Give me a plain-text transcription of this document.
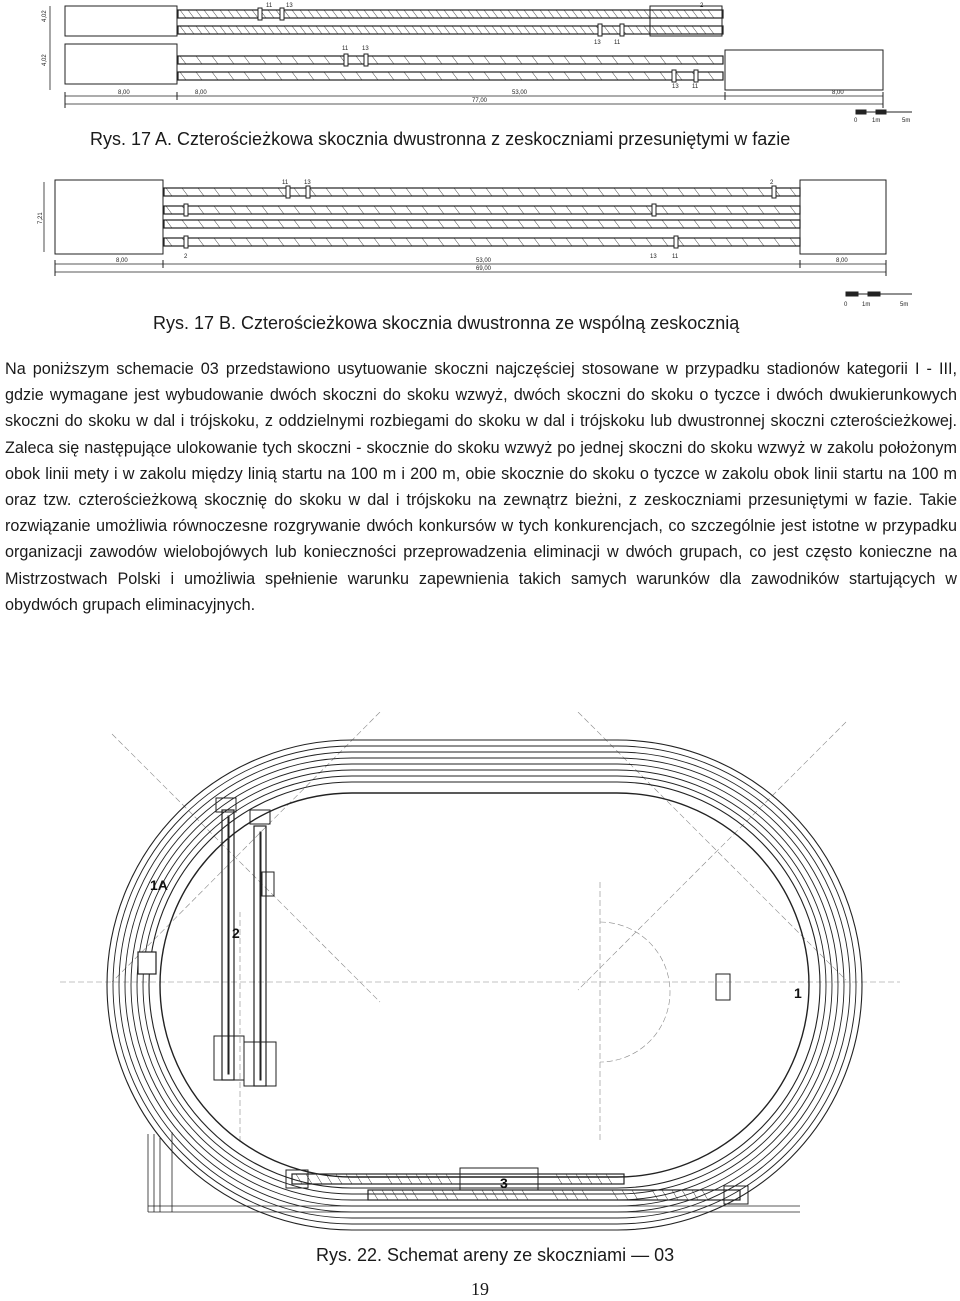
8,00	8,00	53,00	8,00
77,00
4,02
4,02
11 13	2
11 13
13 11
13 11
0 1m	5m
Rys. 17 A. Czterościeżkowa skocznia dwustronna z zeskoczniami przesuniętymi w fazie
8,00	53,00
69,00
8,00
7,21
11	13	2
2	13	11
0 1m	5m
Rys. 17 B. Czterościeżkowa skocznia dwustronna ze wspólną zeskocznią

Na poniższym schemacie 03 przedstawiono usytuowanie skoczni najczęściej stosowane w przypadku stadionów kategorii I - III, gdzie wymagane jest wybudowanie dwóch skoczni do skoku wzwyż, dwóch skoczni do skoku o tyczce i dwóch dwukierunkowych skoczni do skoku w dal i trójskoku, z oddzielnymi rozbiegami do skoku w dal i trójskoku lub dwustronnej skoczni czterościeżkowej. Zaleca się następujące ulokowanie tych skoczni - skocznie do skoku wzwyż po jednej skoczni do skoku wzwyż w zakolu położonym obok linii mety i w zakolu między linią startu na 100 m i 200 m, obie skocznie do skoku o tyczce w zakolu obok linii startu na 100 m oraz tzw. czterościeżkową skocznię do skoku w dal i trójskoku na zewnątrz bieżni, z zeskoczniami przesuniętymi w fazie. Takie rozwiązanie umożliwia równoczesne rozgrywanie dwóch konkursów w tych konkurencjach, co szczególnie jest istotne w przypadku organizacji zawodów wielobojówych lub konieczności przeprowadzenia eliminacji w dwóch grupach, co jest często konieczne na Mistrzostwach Polski i umożliwia spełnienie warunku zapewnienia takich samych warunków dla zawodników startujących w obydwóch grupach eliminacyjnych.

1A
2
1
3
Rys. 22. Schemat areny ze skoczniami — 03
19
